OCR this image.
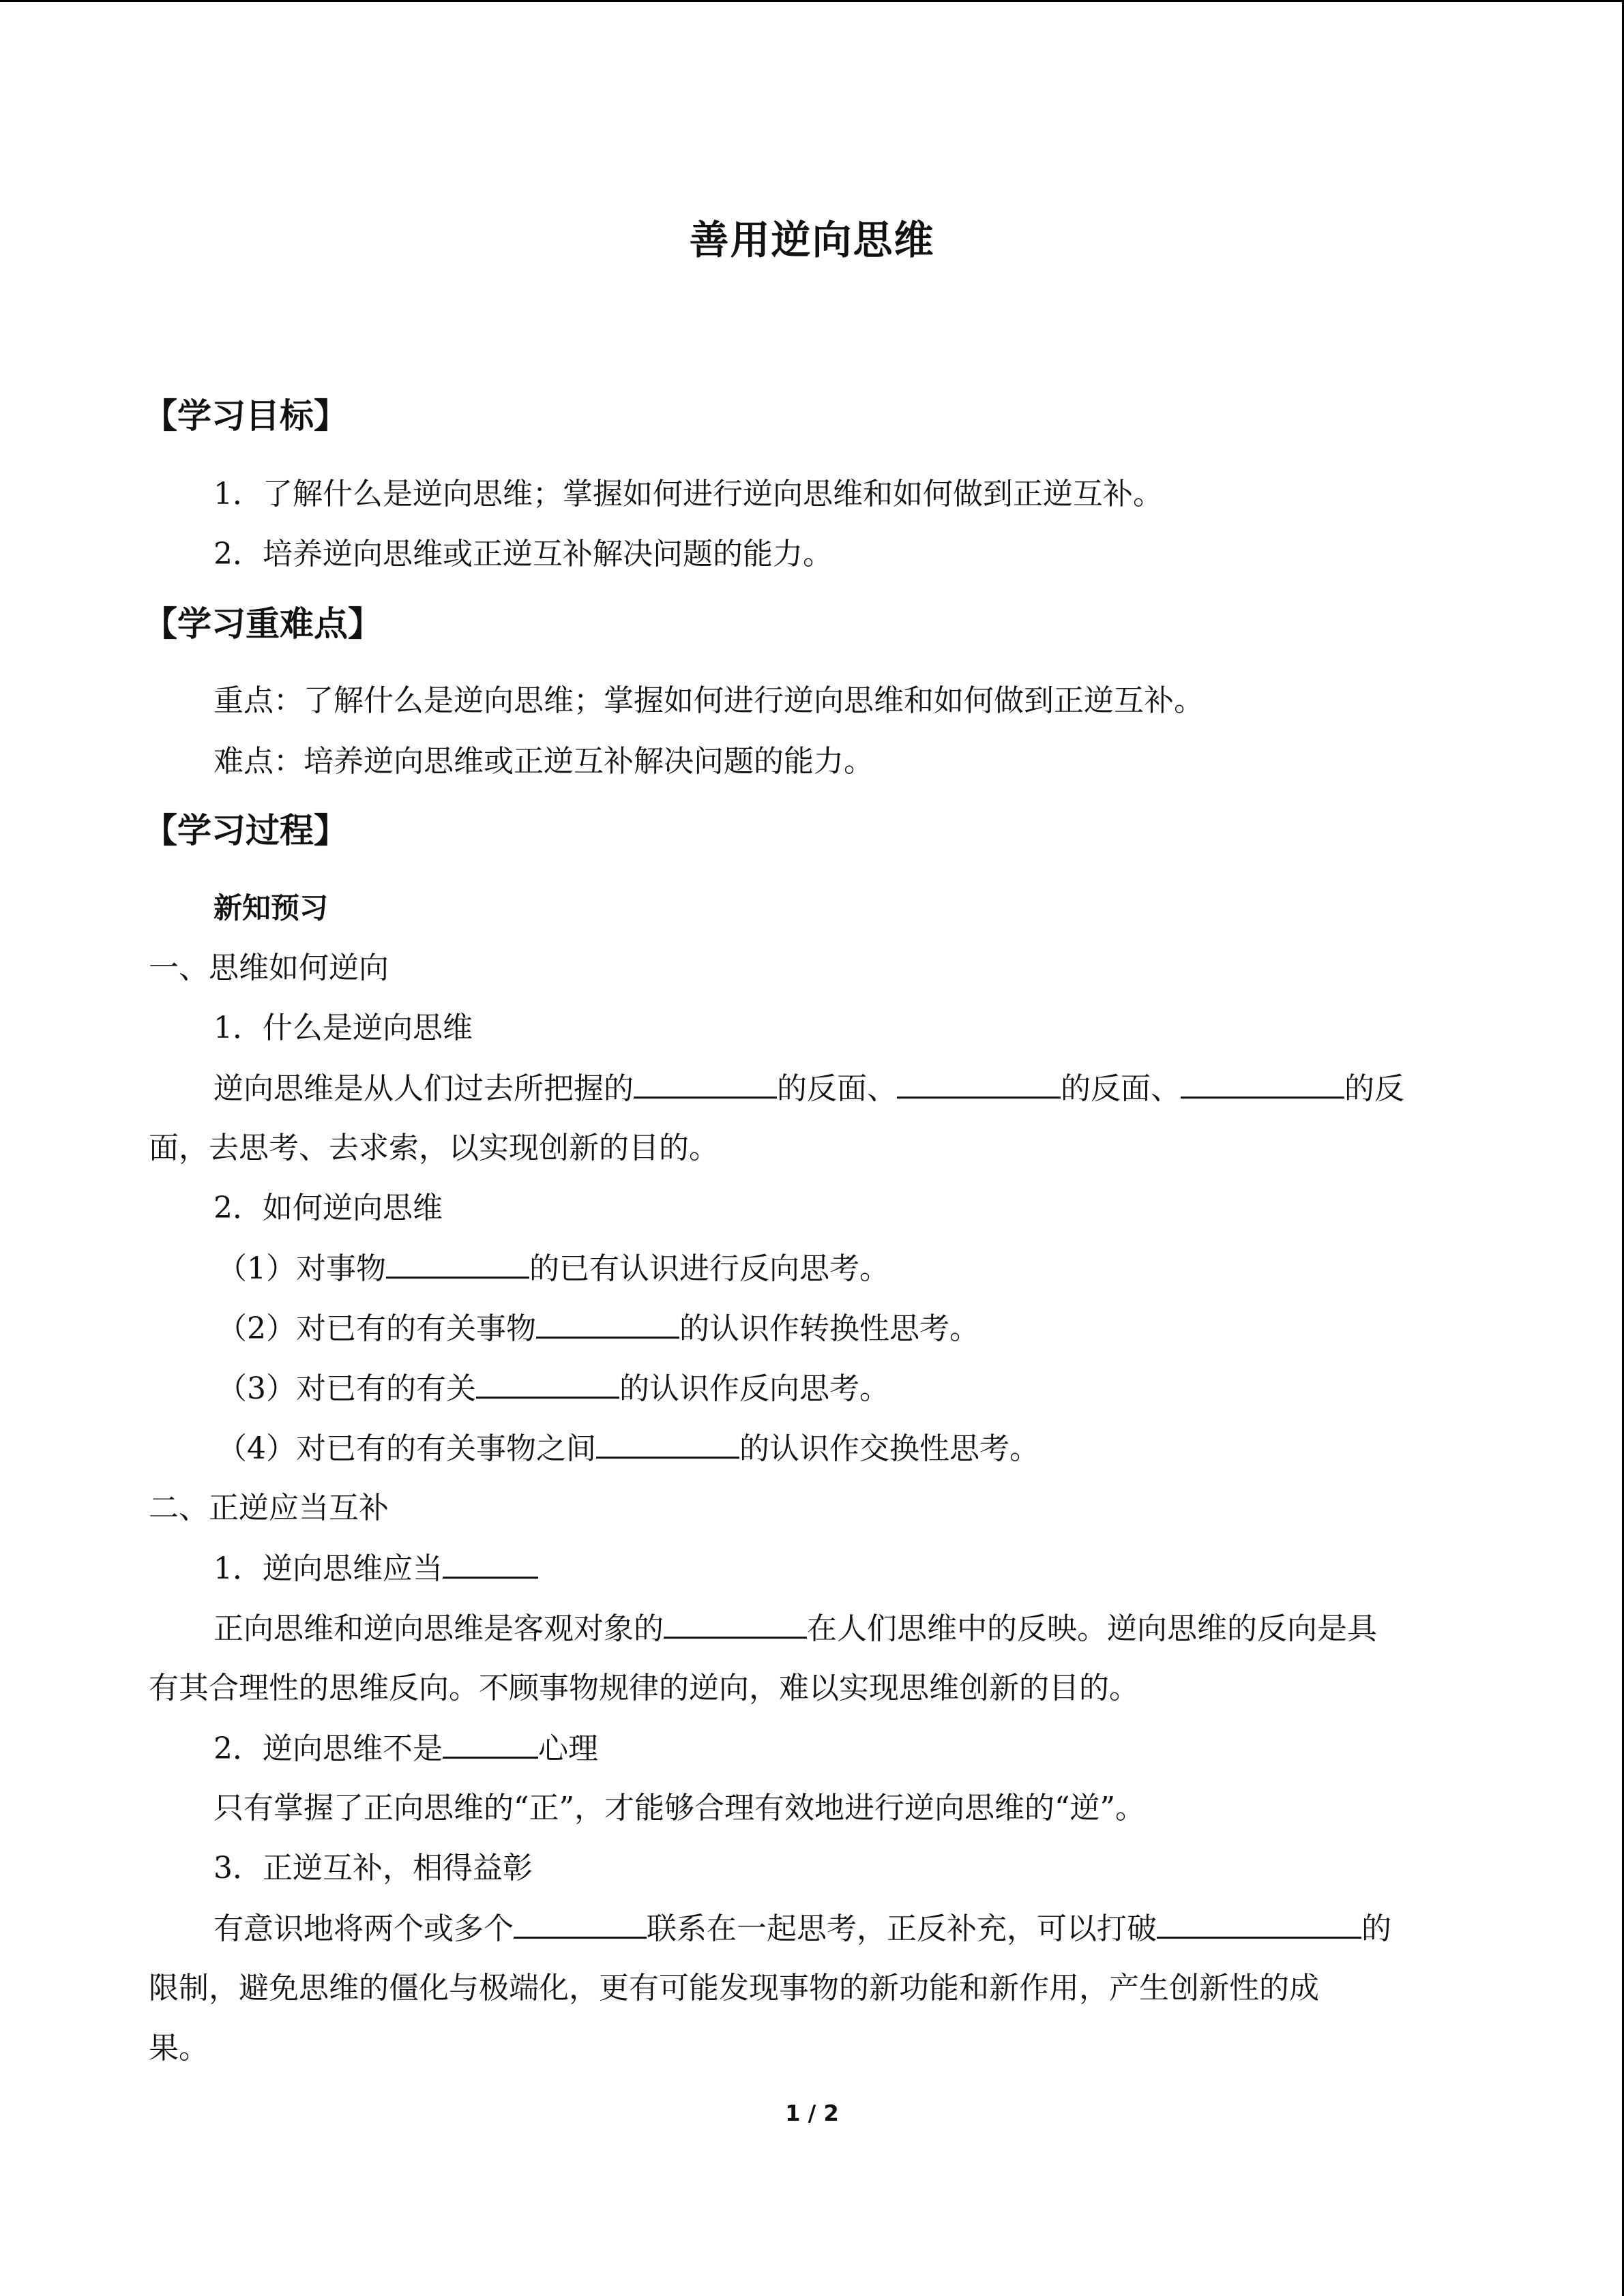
善用逆向思维
【学习目标】
1．了解什么是逆向思维；掌握如何进行逆向思维和如何做到正逆互补。
2．培养逆向思维或正逆互补解决问题的能力。
【学习重难点】
重点：了解什么是逆向思维；掌握如何进行逆向思维和如何做到正逆互补。
难点：培养逆向思维或正逆互补解决问题的能力。
【学习过程】
新知预习
一、思维如何逆向
1．什么是逆向思维
逆向思维是从人们过去所把握的	的反面、	的反面、	的反
面，去思考、去求索，以实现创新的目的。
2．如何逆向思维
（1）对事物	的已有认识进行反向思考。
（2）对已有的有关事物	的认识作转换性思考。
（3）对已有的有关	的认识作反向思考。
（4）对已有的有关事物之间	的认识作交换性思考。
二、正逆应当互补
1．逆向思维应当
正向思维和逆向思维是客观对象的	在人们思维中的反映。逆向思维的反向是具
有其合理性的思维反向。不顾事物规律的逆向，难以实现思维创新的目的。
2．逆向思维不是	心理
只有掌握了正向思维的“正”，才能够合理有效地进行逆向思维的“逆”。
3．正逆互补，相得益彰
有意识地将两个或多个	联系在一起思考，正反补充，可以打破	的
限制，避免思维的僵化与极端化，更有可能发现事物的新功能和新作用，产生创新性的成
果。
1 / 2
